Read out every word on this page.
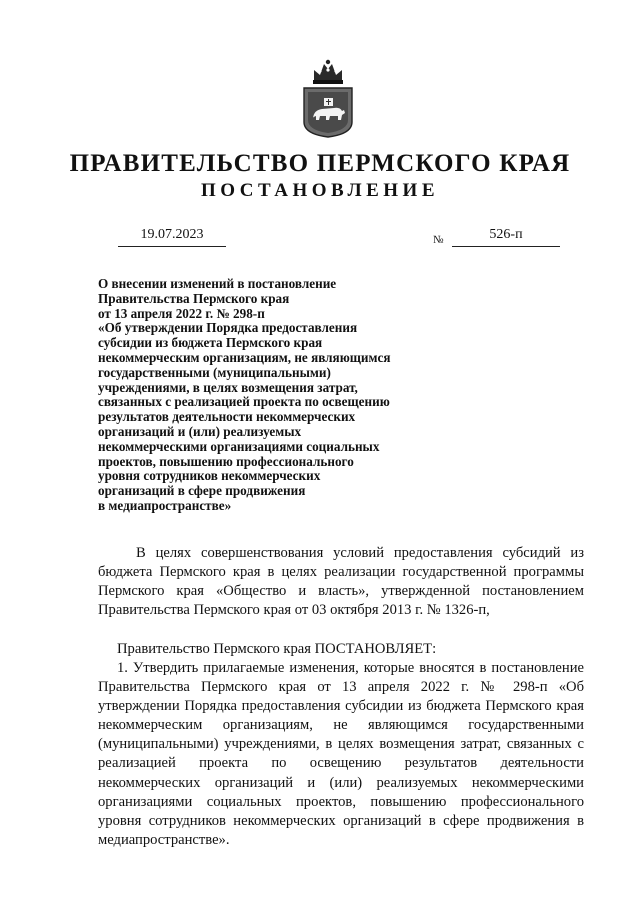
ПРАВИТЕЛЬСТВО ПЕРМСКОГО КРАЯ
ПОСТАНОВЛЕНИЕ
19.07.2023	№	526-п
О внесении изменений в постановление
Правительства Пермского края
от 13 апреля 2022 г. № 298-п
«Об утверждении Порядка предоставления
субсидии из бюджета Пермского края
некоммерческим организациям, не являющимся
государственными (муниципальными)
учреждениями, в целях возмещения затрат,
связанных с реализацией проекта по освещению
результатов деятельности некоммерческих
организаций и (или) реализуемых
некоммерческими организациями социальных
проектов, повышению профессионального
уровня сотрудников некоммерческих
организаций в сфере продвижения
в медиапространстве»
В целях совершенствования условий предоставления субсидий из бюджета Пермского края в целях реализации государственной программы Пермского края «Общество и власть», утвержденной постановлением Правительства Пермского края от 03 октября 2013 г. № 1326-п,
Правительство Пермского края ПОСТАНОВЛЯЕТ:
1. Утвердить прилагаемые изменения, которые вносятся в постановление Правительства Пермского края от 13 апреля 2022 г. № 298-п «Об утверждении Порядка предоставления субсидии из бюджета Пермского края некоммерческим организациям, не являющимся государственными (муниципальными) учреждениями, в целях возмещения затрат, связанных с реализацией проекта по освещению результатов деятельности некоммерческих организаций и (или) реализуемых некоммерческими организациями социальных проектов, повышению профессионального уровня сотрудников некоммерческих организаций в сфере продвижения в медиапространстве».
